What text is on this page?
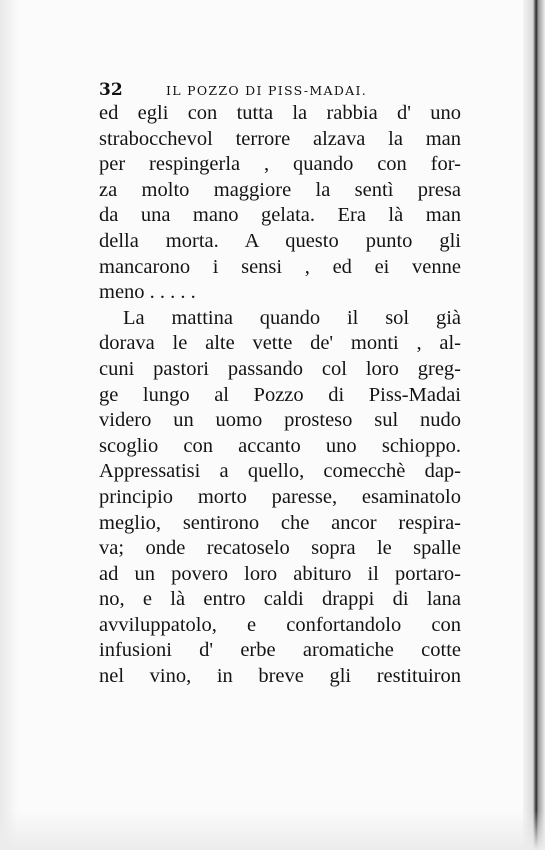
32	IL POZZO DI PISS-MADAI.
ed egli con tutta la rabbia d' uno
strabocchevol terrore alzava la man
per respingerla , quando con for-
za molto maggiore la sentì presa
da una mano gelata. Era là man
della morta. A questo punto gli
mancarono i sensi , ed ei venne
meno . . . . .
La mattina quando il sol già
dorava le alte vette de' monti , al-
cuni pastori passando col loro greg-
ge lungo al Pozzo di Piss-Madai
videro un uomo prosteso sul nudo
scoglio con accanto uno schioppo.
Appressatisi a quello, comecchè dap-
principio morto paresse, esaminatolo
meglio, sentirono che ancor respira-
va; onde recatoselo sopra le spalle
ad un povero loro abituro il portaro-
no, e là entro caldi drappi di lana
avviluppatolo, e confortandolo con
infusioni d' erbe aromatiche cotte
nel vino, in breve gli restituiron
